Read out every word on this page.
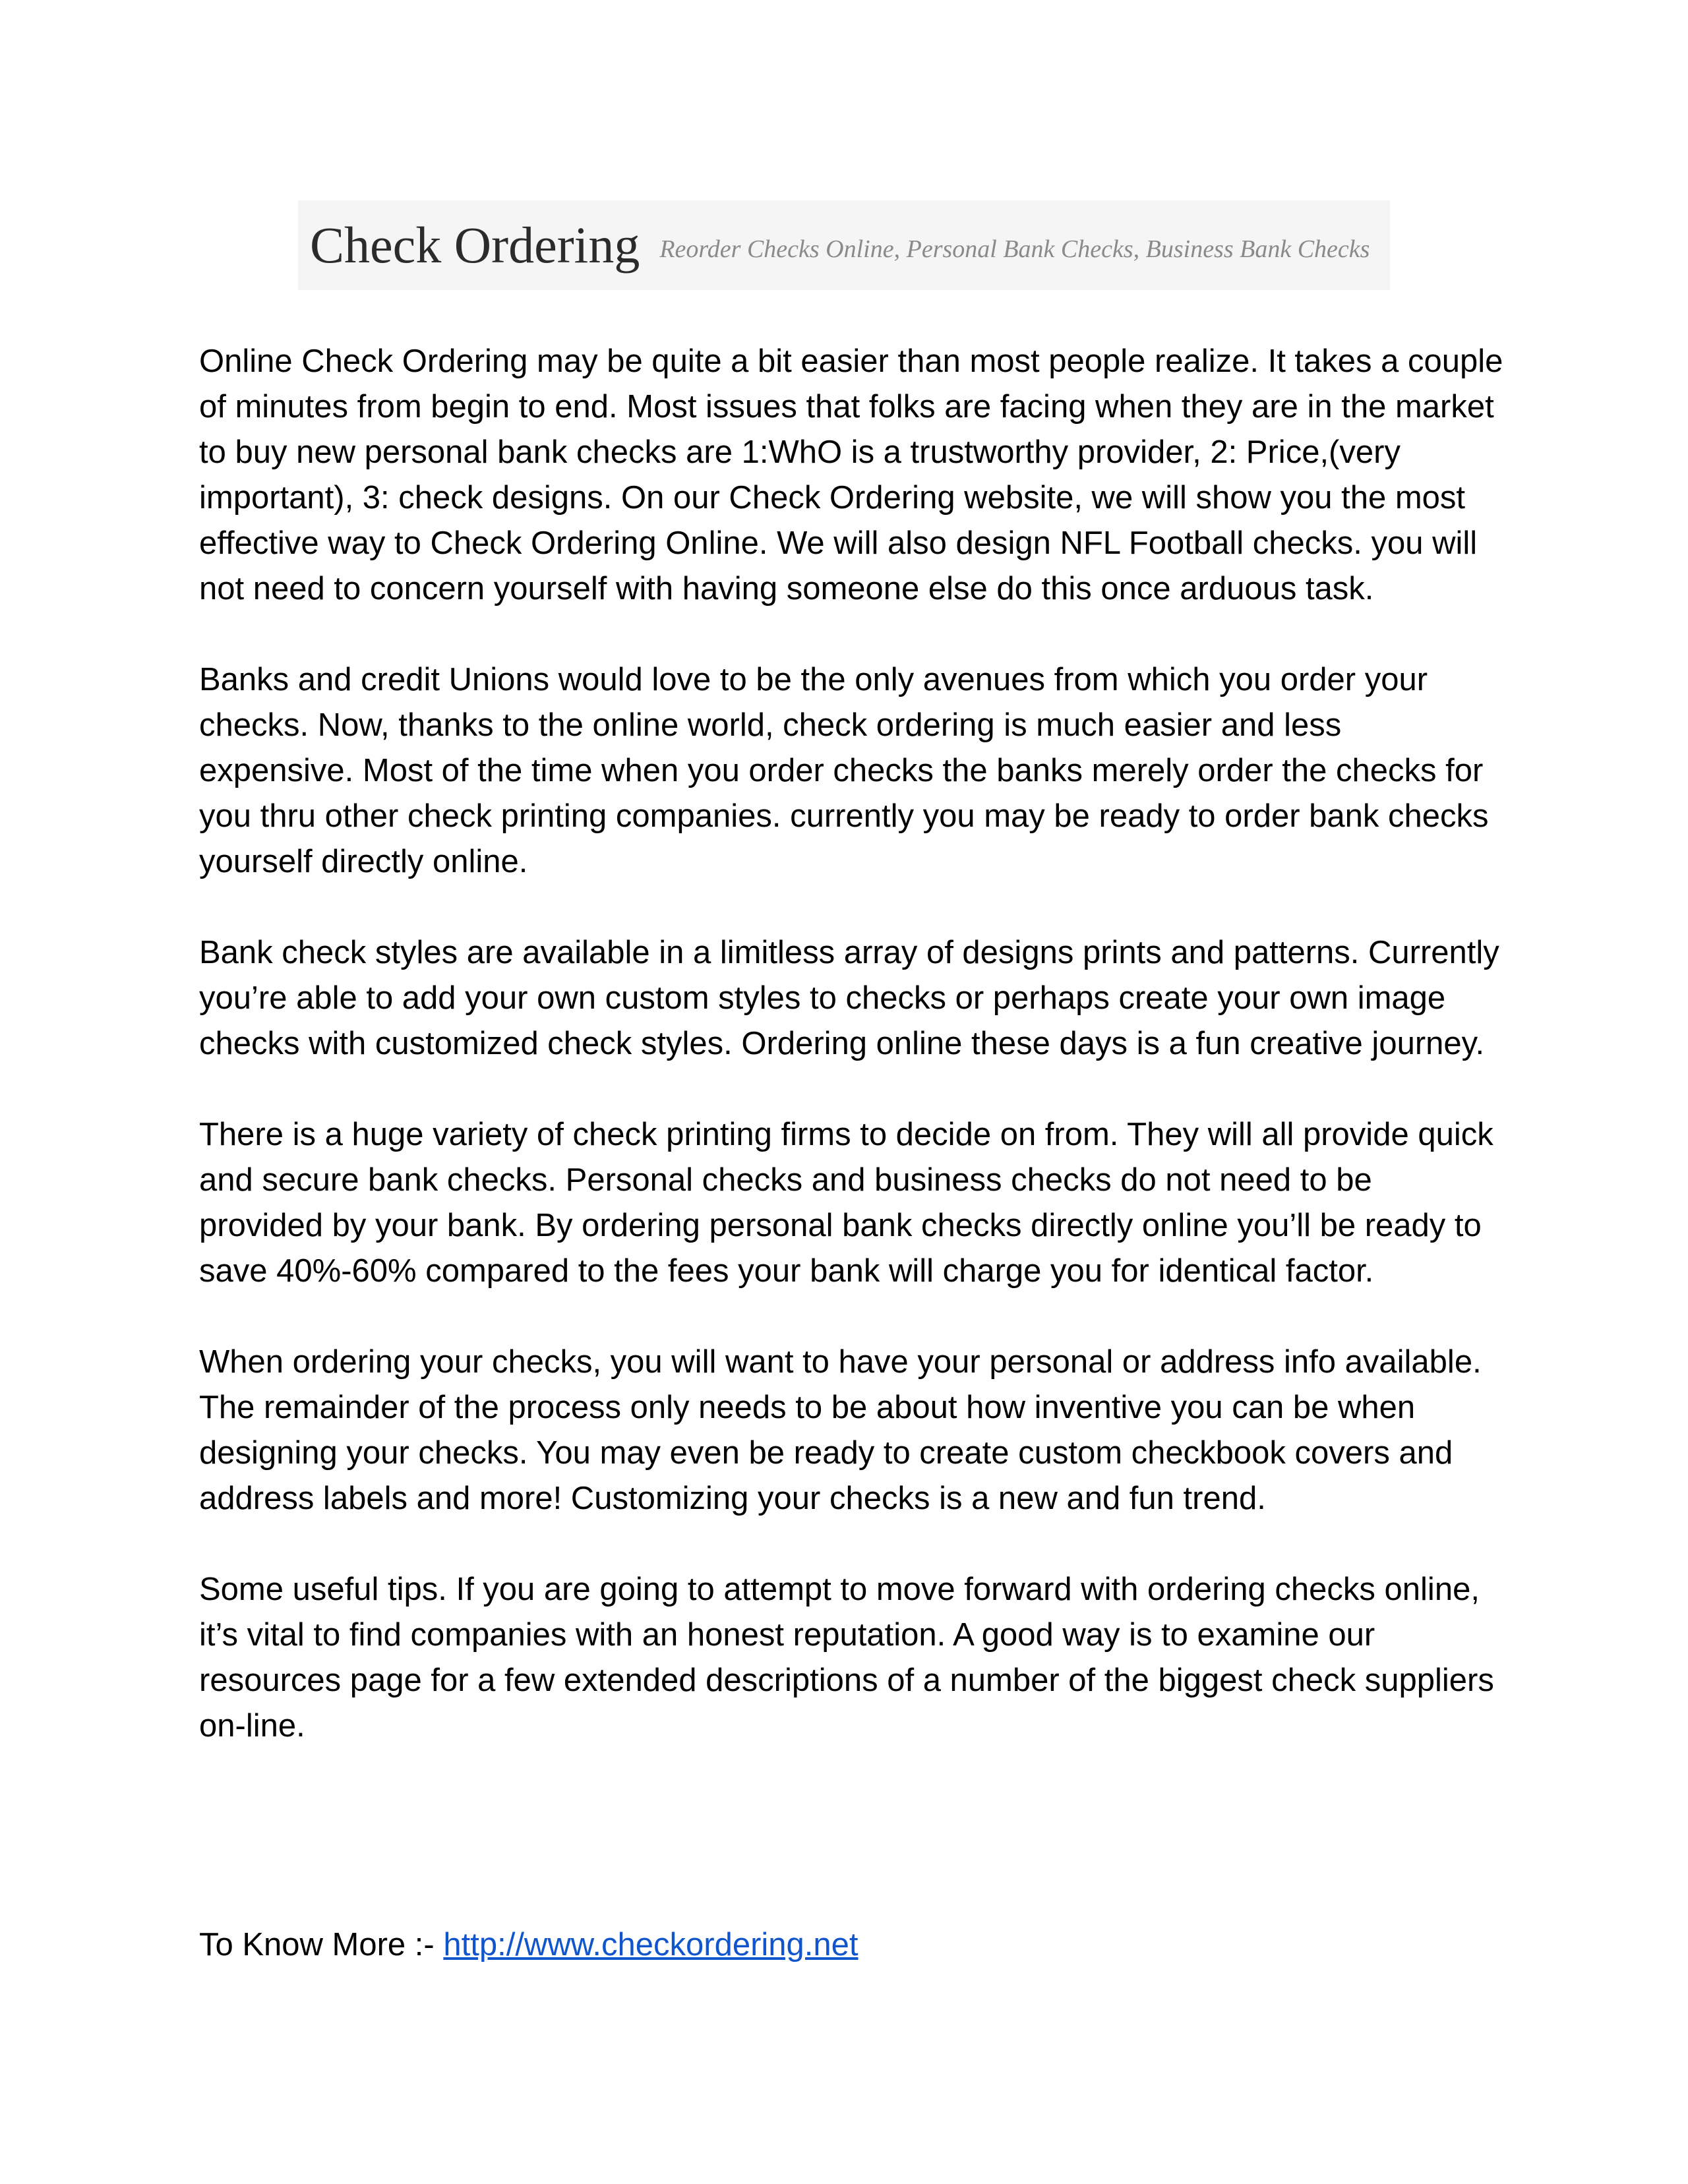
Check Ordering Reorder Checks Online, Personal Bank Checks, Business Bank Checks

Online Check Ordering may be quite a bit easier than most people realize. It takes a couple of minutes from begin to end. Most issues that folks are facing when they are in the market to buy new personal bank checks are 1:WhO is a trustworthy provider, 2: Price,(very important), 3: check designs. On our Check Ordering website, we will show you the most effective way to Check Ordering Online. We will also design NFL Football checks. you will not need to concern yourself with having someone else do this once arduous task.

Banks and credit Unions would love to be the only avenues from which you order your checks. Now, thanks to the online world, check ordering is much easier and less expensive. Most of the time when you order checks the banks merely order the checks for you thru other check printing companies. currently you may be ready to order bank checks yourself directly online.

Bank check styles are available in a limitless array of designs prints and patterns. Currently you’re able to add your own custom styles to checks or perhaps create your own image checks with customized check styles. Ordering online these days is a fun creative journey.

There is a huge variety of check printing firms to decide on from. They will all provide quick and secure bank checks. Personal checks and business checks do not need to be provided by your bank. By ordering personal bank checks directly online you’ll be ready to save 40%-60% compared to the fees your bank will charge you for identical factor.

When ordering your checks, you will want to have your personal or address info available. The remainder of the process only needs to be about how inventive you can be when designing your checks. You may even be ready to create custom checkbook covers and address labels and more! Customizing your checks is a new and fun trend.

Some useful tips. If you are going to attempt to move forward with ordering checks online, it’s vital to find companies with an honest reputation. A good way is to examine our resources page for a few extended descriptions of a number of the biggest check suppliers on-line.

To Know More :- http://www.checkordering.net
